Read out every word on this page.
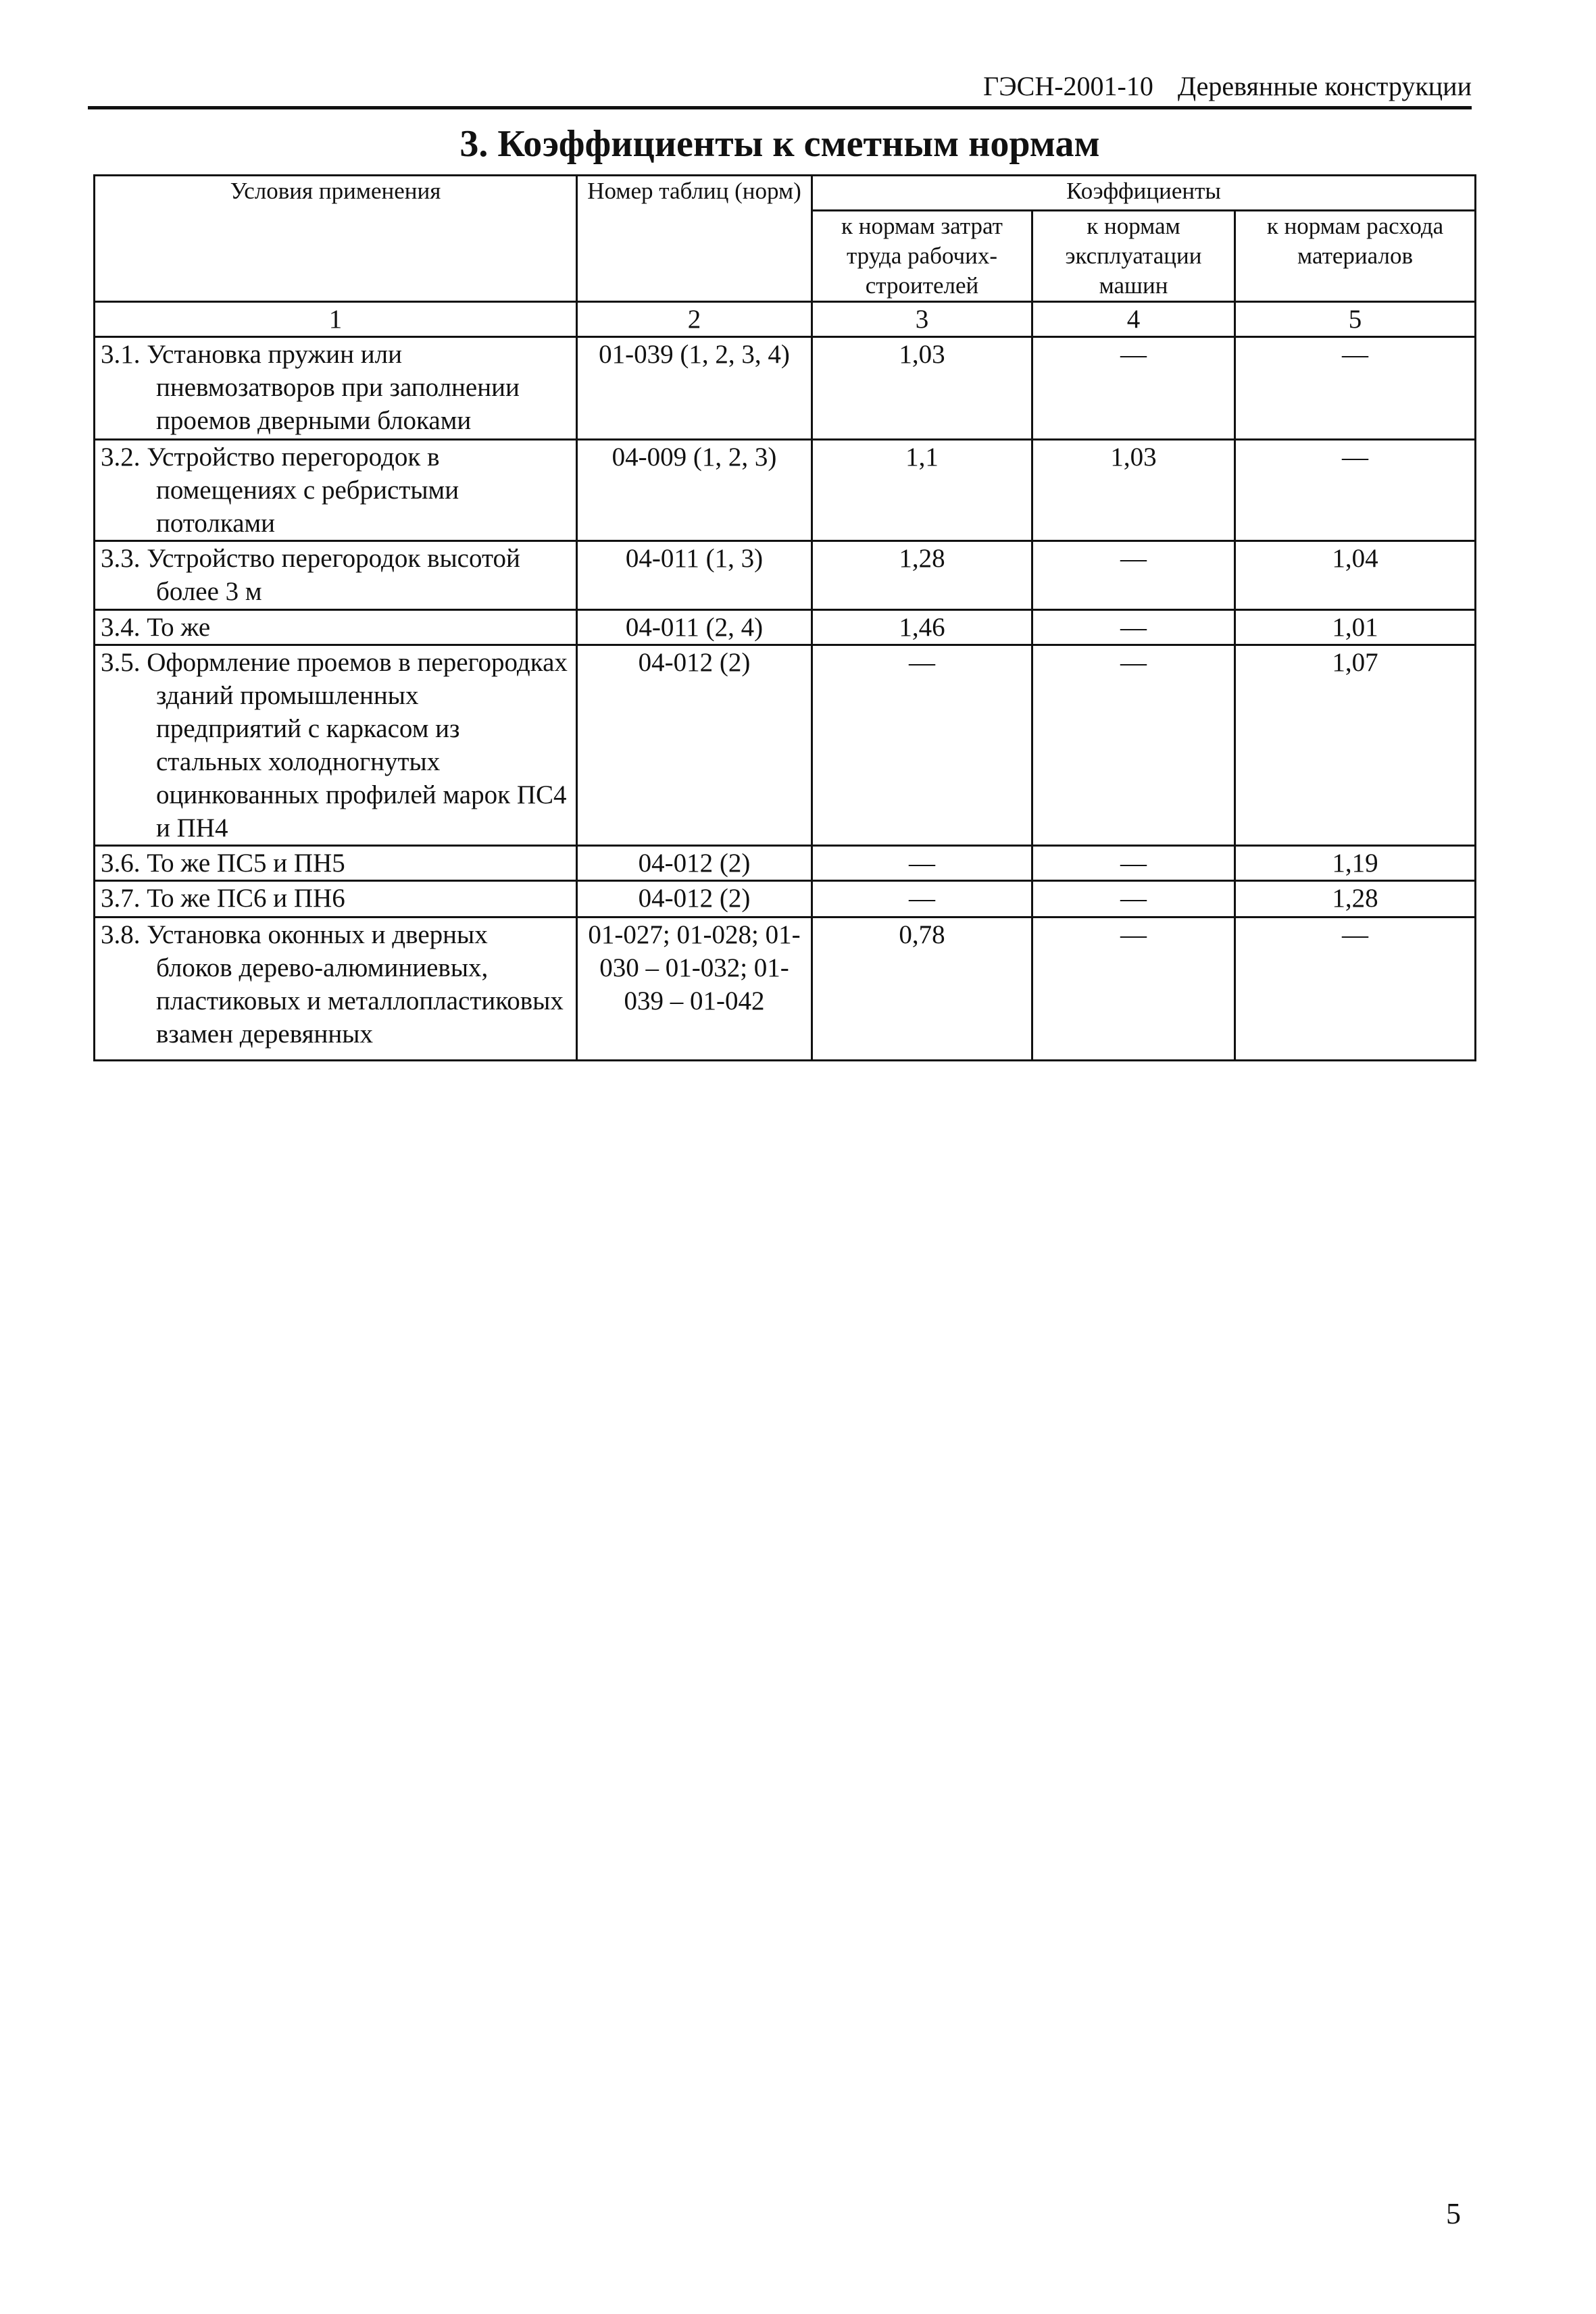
ГЭСН-2001-10 Деревянные конструкции
3. Коэффициенты к сметным нормам
Условия применения	Номер таблиц (норм)	Коэффициенты		
		к нормам затрат труда рабочих-строителей	к нормам эксплуатации машин	к нормам расхода материалов
1	2	3	4	5

3.1. Установка пружин или пневмозатворов при заполнении проемов дверными блоками	01-039 (1, 2, 3, 4)	1,03	—	—

3.2. Устройство перегородок в помещениях с ребристыми потолками	04-009 (1, 2, 3)	1,1	1,03	—

3.3. Устройство перегородок высотой более 3 м	04-011 (1, 3)	1,28	—	1,04

3.4. То же	04-011 (2, 4)	1,46	—	1,01

3.5. Оформление проемов в перегородках зданий промышленных предприятий с каркасом из стальных холодногнутых оцинкованных профилей марок ПС4 и ПН4	04-012 (2)	—	—	1,07

3.6. То же ПС5 и ПН5	04-012 (2)	—	—	1,19

3.7. То же ПС6 и ПН6	04-012 (2)	—	—	1,28

3.8. Установка оконных и дверных блоков дерево-алюминиевых, пластиковых и металлопластиковых взамен деревянных	01-027; 01-028; 01-030 – 01-032; 01-039 – 01-042	0,78	—	—
5
